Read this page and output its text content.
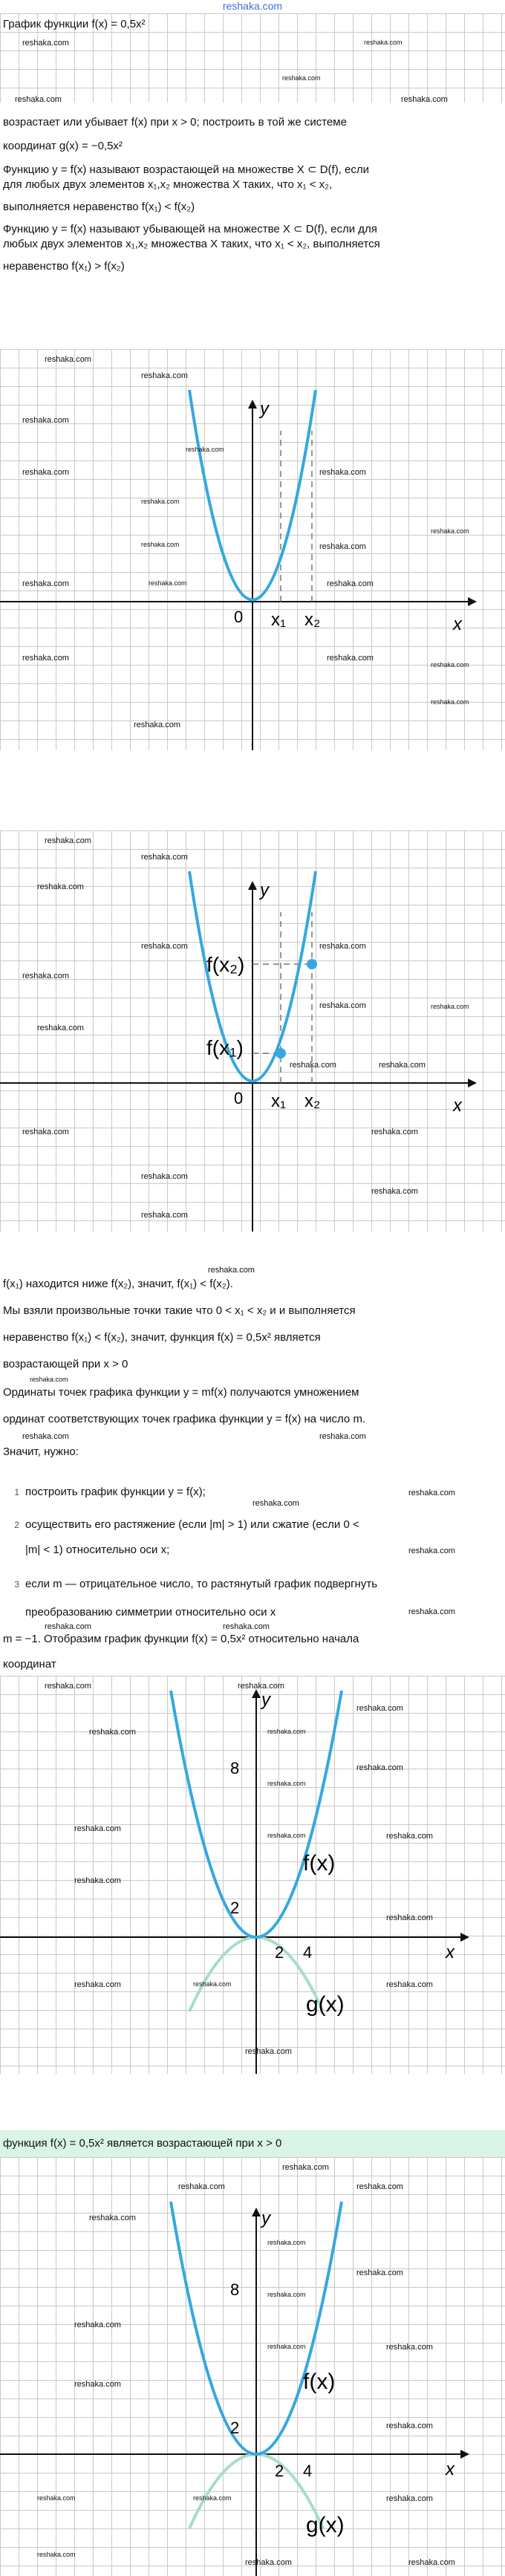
reshaka.com
График функции f(x) = 0,5x²
reshaka.com	reshaka.com
reshaka.com
reshaka.com	reshaka.com
возрастает или убывает f(x) при x > 0; построить в той же системе
координат g(x) = −0,5x²
Функцию y = f(x) называют возрастающей на множестве X ⊂ D(f), если
для любых двух элементов x₁,x₂ множества X таких, что x₁ < x₂,
выполняется неравенство f(x₁) < f(x₂)
Функцию y = f(x) называют убывающей на множестве X ⊂ D(f), если для
любых двух элементов x₁,x₂ множества X таких, что x₁ < x₂, выполняется
неравенство f(x₁) > f(x₂)
y
x
0 x₁ x₂
reshaka.com
reshaka.com
reshaka.com
reshaka.com
reshaka.com	reshaka.com
reshaka.com
reshaka.com
reshaka.com	reshaka.com
reshaka.com
reshaka.com	reshaka.com
reshaka.com
reshaka.com	reshaka.com
reshaka.com
reshaka.com
y
x
0 x₁ x₂
f(x₁)
f(x₂)
reshaka.com
reshaka.com
reshaka.com
reshaka.com
reshaka.com
reshaka.com
reshaka.com	reshaka.com
reshaka.com
reshaka.com	reshaka.com
reshaka.com
reshaka.com
reshaka.com
reshaka.com
reshaka.com
f(x₁) находится ниже f(x₂), значит, f(x₁) < f(x₂).
reshaka.com
Мы взяли произвольные точки такие что 0 < x₁ < x₂ и и выполняется
неравенство f(x₁) < f(x₂), значит, функция f(x) = 0,5x² является
возрастающей при x > 0
reshaka.com
Ординаты точек графика функции y = mf(x) получаются умножением
ординат соответствующих точек графика функции y = f(x) на число m.
reshaka.com	reshaka.com
Значит, нужно:
1 построить график функции y = f(x);
reshaka.com
reshaka.com
2 осуществить его растяжение (если |m| > 1) или сжатие (если 0 <
|m| < 1) относительно оси x;	reshaka.com
3 если m — отрицательное число, то растянутый график подвергнуть
преобразованию симметрии относительно оси x	reshaka.com
reshaka.com	reshaka.com
m = −1. Отобразим график функции f(x) = 0,5x² относительно начала
координат
y
x
8
2
2 4
f(x)
g(x)
reshaka.com	reshaka.com
reshaka.com
reshaka.com	reshaka.com
reshaka.com
reshaka.com
reshaka.com
reshaka.com	reshaka.com
reshaka.com
reshaka.com
reshaka.com
reshaka.com	reshaka.com
reshaka.com
функция f(x) = 0,5x² является возрастающей при x > 0
y
x
8
2
2 4
f(x)
g(x)
reshaka.com
reshaka.com	reshaka.com
reshaka.com
reshaka.com
reshaka.com
reshaka.com
reshaka.com
reshaka.com	reshaka.com
reshaka.com
reshaka.com
reshaka.com	reshaka.com	reshaka.com
reshaka.com
reshaka.com	reshaka.com
